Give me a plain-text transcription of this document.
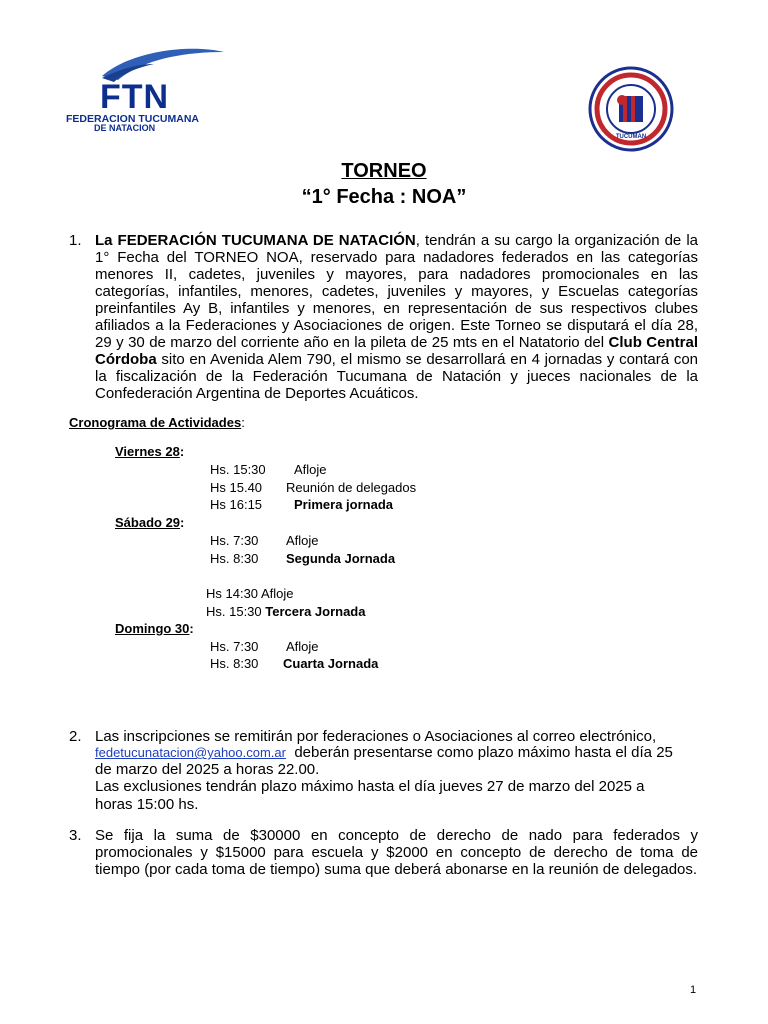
FTN
FEDERACION TUCUMANA
DE NATACION
TUCUMAN
TORNEO
“1° Fecha : NOA”
1. La FEDERACIÓN TUCUMANA DE NATACIÓN, tendrán a su cargo la organización de la 1° Fecha del TORNEO NOA, reservado para nadadores federados en las categorías menores II, cadetes, juveniles y mayores, para nadadores promocionales en las categorías, infantiles, menores, cadetes, juveniles y mayores, y Escuelas categorías preinfantiles Ay B, infantiles y menores, en representación de sus respectivos clubes afiliados a la Federaciones y Asociaciones de origen. Este Torneo se disputará el día 28, 29 y 30 de marzo del corriente año en la pileta de 25 mts en el Natatorio del Club Central Córdoba sito en Avenida Alem 790, el mismo se desarrollará en 4 jornadas y contará con la fiscalización de la Federación Tucumana de Natación y jueces nacionales de la Confederación Argentina de Deportes Acuáticos.
Cronograma de Actividades:
Viernes 28:
Hs. 15:30 Afloje
Hs 15.40 Reunión de delegados
Hs 16:15 Primera jornada
Sábado 29:
Hs. 7:30 Afloje
Hs. 8:30 Segunda Jornada
Hs 14:30 Afloje
Hs. 15:30 Tercera Jornada
Domingo 30:
Hs. 7:30 Afloje
Hs. 8:30 Cuarta Jornada
2. Las inscripciones se remitirán por federaciones o Asociaciones al correo electrónico,
fedetucunatacion@yahoo.com.ar deberán presentarse como plazo máximo hasta el día 25
de marzo del 2025 a horas 22.00.
Las exclusiones tendrán plazo máximo hasta el día jueves 27 de marzo del 2025 a
horas 15:00 hs.
3. Se fija la suma de $30000 en concepto de derecho de nado para federados y promocionales y $15000 para escuela y $2000 en concepto de derecho de toma de tiempo (por cada toma de tiempo) suma que deberá abonarse en la reunión de delegados.
1
